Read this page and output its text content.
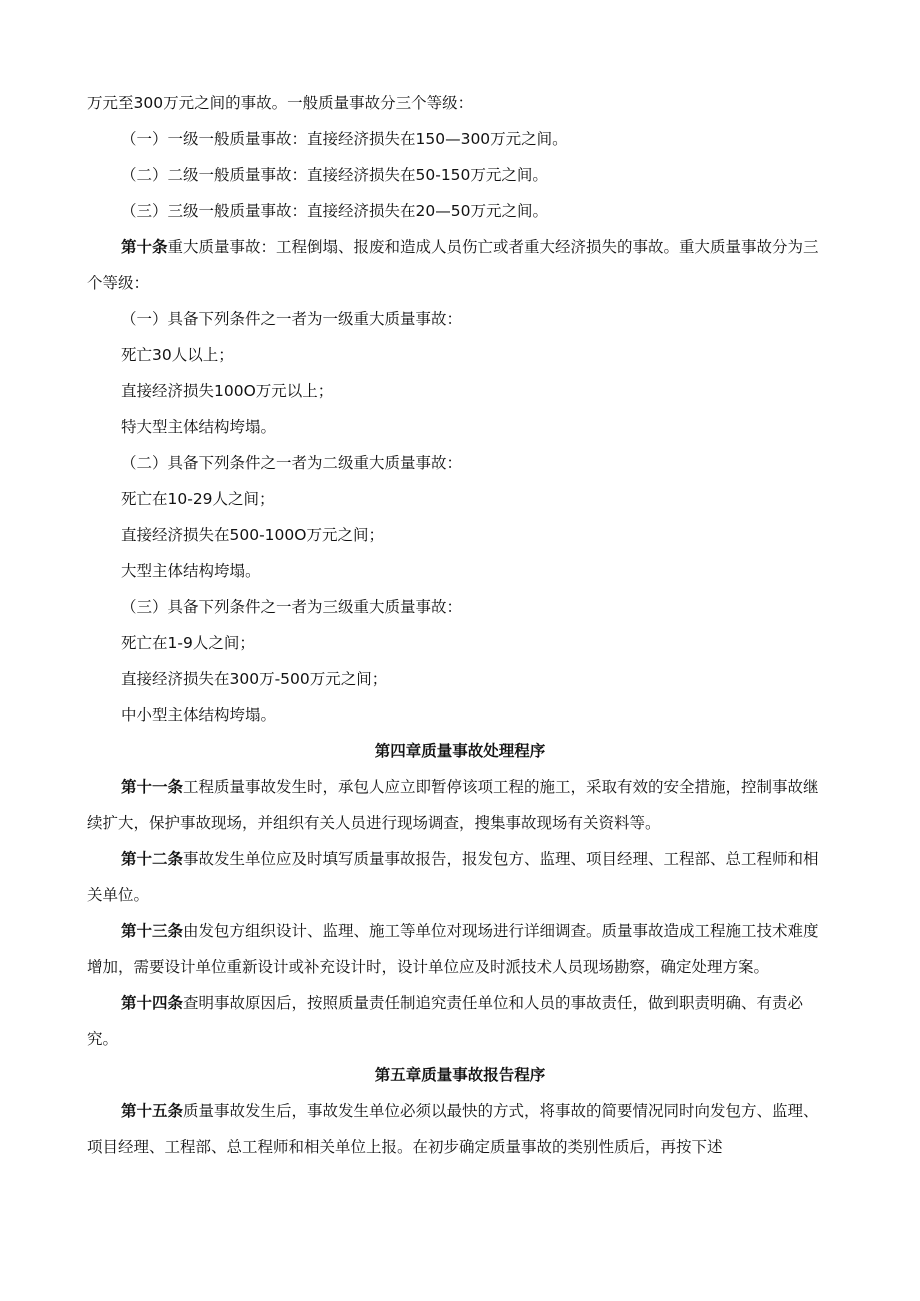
万元至300万元之间的事故。一般质量事故分三个等级：

（一）一级一般质量事故：直接经济损失在150—300万元之间。

（二）二级一般质量事故：直接经济损失在50-150万元之间。

（三）三级一般质量事故：直接经济损失在20—50万元之间。

第十条重大质量事故：工程倒塌、报废和造成人员伤亡或者重大经济损失的事故。重大质量事故分为三个等级：

（一）具备下列条件之一者为一级重大质量事故：

死亡30人以上；

直接经济损失100O万元以上；

特大型主体结构垮塌。

（二）具备下列条件之一者为二级重大质量事故：

死亡在10-29人之间；

直接经济损失在500-100O万元之间；

大型主体结构垮塌。

（三）具备下列条件之一者为三级重大质量事故：

死亡在1-9人之间；

直接经济损失在300万-500万元之间；

中小型主体结构垮塌。

第四章质量事故处理程序

第十一条工程质量事故发生时，承包人应立即暂停该项工程的施工，采取有效的安全措施，控制事故继续扩大，保护事故现场，并组织有关人员进行现场调查，搜集事故现场有关资料等。

第十二条事故发生单位应及时填写质量事故报告，报发包方、监理、项目经理、工程部、总工程师和相关单位。

第十三条由发包方组织设计、监理、施工等单位对现场进行详细调查。质量事故造成工程施工技术难度增加，需要设计单位重新设计或补充设计时，设计单位应及时派技术人员现场勘察，确定处理方案。

第十四条查明事故原因后，按照质量责任制追究责任单位和人员的事故责任，做到职责明确、有责必究。

第五章质量事故报告程序

第十五条质量事故发生后，事故发生单位必须以最快的方式，将事故的简要情况同时向发包方、监理、项目经理、工程部、总工程师和相关单位上报。在初步确定质量事故的类别性质后，再按下述
